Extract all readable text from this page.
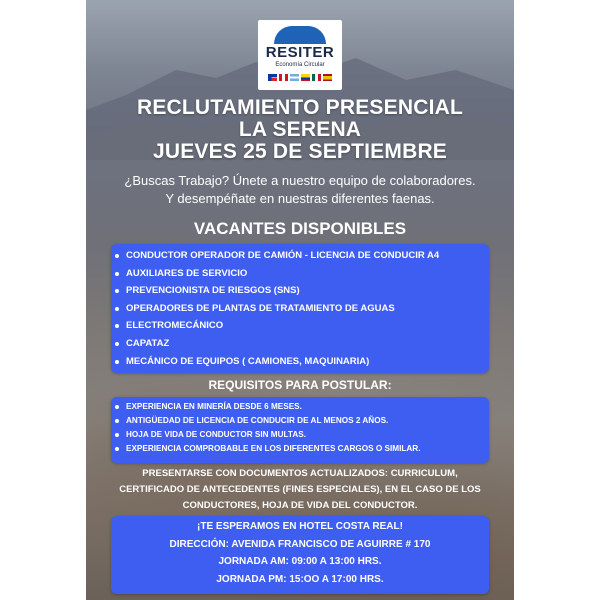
RESITER
Economía Circular
RECLUTAMIENTO PRESENCIAL
LA SERENA
JUEVES 25 DE SEPTIEMBRE
¿Buscas Trabajo? Únete a nuestro equipo de colaboradores.
Y desempéñate en nuestras diferentes faenas.
VACANTES DISPONIBLES
CONDUCTOR OPERADOR DE CAMIÓN - LICENCIA DE CONDUCIR A4
AUXILIARES DE SERVICIO
PREVENCIONISTA DE RIESGOS (SNS)
OPERADORES DE PLANTAS DE TRATAMIENTO DE AGUAS
ELECTROMECÁNICO
CAPATAZ
MECÁNICO DE EQUIPOS ( CAMIONES, MAQUINARIA)
REQUISITOS PARA POSTULAR:
EXPERIENCIA EN MINERÍA DESDE 6 MESES.
ANTIGÜEDAD DE LICENCIA DE CONDUCIR DE AL MENOS 2 AÑOS.
HOJA DE VIDA DE CONDUCTOR SIN MULTAS.
EXPERIENCIA COMPROBABLE EN LOS DIFERENTES CARGOS O SIMILAR.
PRESENTARSE CON DOCUMENTOS ACTUALIZADOS: CURRICULUM,
CERTIFICADO DE ANTECEDENTES (FINES ESPECIALES), EN EL CASO DE LOS
CONDUCTORES, HOJA DE VIDA DEL CONDUCTOR.
¡TE ESPERAMOS EN HOTEL COSTA REAL!
DIRECCIÓN: AVENIDA FRANCISCO DE AGUIRRE # 170
JORNADA AM: 09:00 A 13:00 HRS.
JORNADA PM: 15:OO A 17:00 HRS.
